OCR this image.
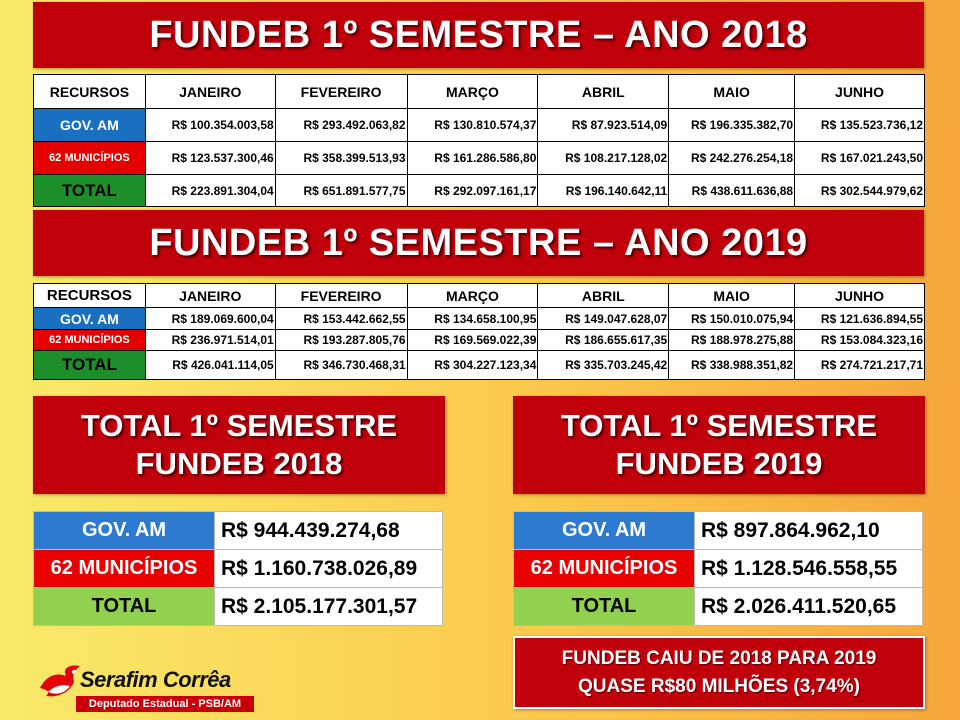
FUNDEB 1º SEMESTRE – ANO 2018
RECURSOS	JANEIRO	FEVEREIRO	MARÇO	ABRIL	MAIO	JUNHO
GOV. AM	R$ 100.354.003,58	R$ 293.492.063,82	R$ 130.810.574,37	R$ 87.923.514,09	R$ 196.335.382,70	R$ 135.523.736,12
62 MUNICÍPIOS	R$ 123.537.300,46	R$ 358.399.513,93	R$ 161.286.586,80	R$ 108.217.128,02	R$ 242.276.254,18	R$ 167.021.243,50
TOTAL	R$ 223.891.304,04	R$ 651.891.577,75	R$ 292.097.161,17	R$ 196.140.642,11	R$ 438.611.636,88	R$ 302.544.979,62
FUNDEB 1º SEMESTRE – ANO 2019
RECURSOS	JANEIRO	FEVEREIRO	MARÇO	ABRIL	MAIO	JUNHO
GOV. AM	R$ 189.069.600,04	R$ 153.442.662,55	R$ 134.658.100,95	R$ 149.047.628,07	R$ 150.010.075,94	R$ 121.636.894,55
62 MUNICÍPIOS	R$ 236.971.514,01	R$ 193.287.805,76	R$ 169.569.022,39	R$ 186.655.617,35	R$ 188.978.275,88	R$ 153.084.323,16
TOTAL	R$ 426.041.114,05	R$ 346.730.468,31	R$ 304.227.123,34	R$ 335.703.245,42	R$ 338.988.351,82	R$ 274.721.217,71
TOTAL 1º SEMESTRE
FUNDEB 2018
GOV. AM	R$ 944.439.274,68
62 MUNICÍPIOS	R$ 1.160.738.026,89
TOTAL	R$ 2.105.177.301,57
TOTAL 1º SEMESTRE
FUNDEB 2019
GOV. AM	R$ 897.864.962,10
62 MUNICÍPIOS	R$ 1.128.546.558,55
TOTAL	R$ 2.026.411.520,65
FUNDEB CAIU DE 2018 PARA 2019
QUASE R$80 MILHÕES (3,74%)
Serafim Corrêa
Deputado Estadual - PSB/AM
